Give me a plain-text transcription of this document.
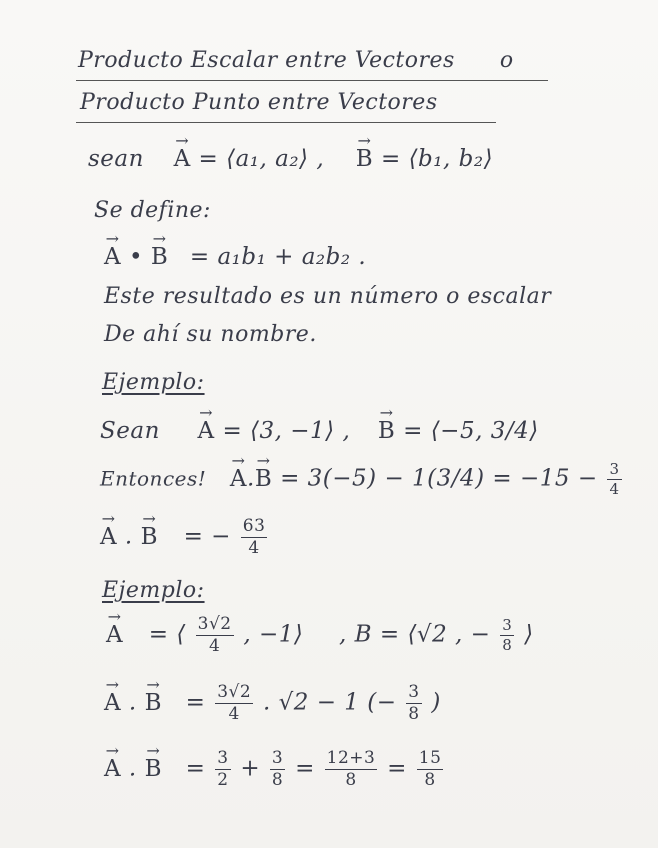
Producto Escalar entre Vectores o
Producto Punto entre Vectores
sean → A = ⟨a₁, a₂⟩ , → B = ⟨b₁, b₂⟩
Se define:
→ A • → B = a₁b₁ + a₂b₂ .
Este resultado es un número o escalar
De ahí su nombre.
Ejemplo:
Sean → A = ⟨3, −1⟩ , → B = ⟨−5, 3/4⟩
Entonces! → $A.\to B = 3(-5) - 1(3/4) = -15 - \frac{3}{4}$
→ A . → B = − $\frac{63}{4}$
Ejemplo:
→ A = ⟨ $\frac{3√2}{4}$ , −1⟩ , B = ⟨√2 , − $\frac{3}{8}$ ⟩
→ A . → $B = \frac{3√2}{4}$ . √2 − 1 (− $\frac{3}{8}$ )
→ A . → $B = \frac{3}{2} + \frac{3}{8} = \frac{12+3}{8} = \frac{15}{8}$
